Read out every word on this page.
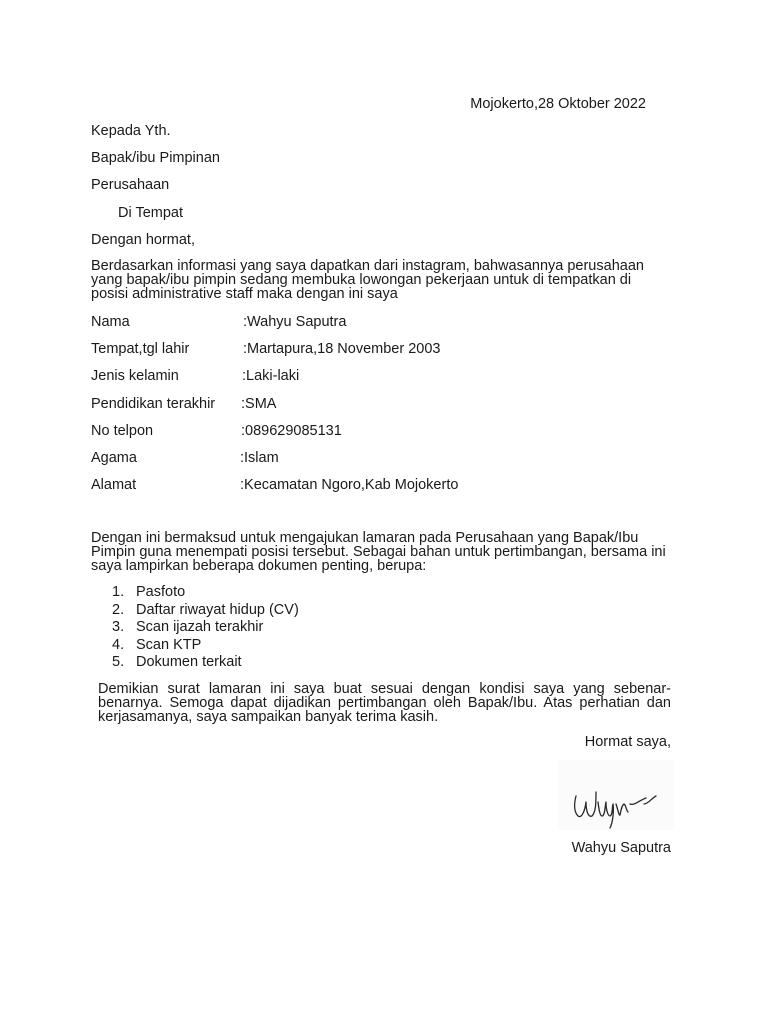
Mojokerto,28 Oktober 2022
Kepada Yth.
Bapak/ibu Pimpinan
Perusahaan
Di Tempat
Dengan hormat,
Berdasarkan informasi yang saya dapatkan dari instagram, bahwasannya perusahaan yang bapak/ibu pimpin sedang membuka lowongan pekerjaan untuk di tempatkan di posisi administrative staff maka dengan ini saya
Nama	:Wahyu Saputra
Tempat,tgl lahir	:Martapura,18 November 2003
Jenis kelamin	:Laki-laki
Pendidikan terakhir :SMA
No telpon	:089629085131
Agama	:Islam
Alamat	:Kecamatan Ngoro,Kab Mojokerto
Dengan ini bermaksud untuk mengajukan lamaran pada Perusahaan yang Bapak/Ibu Pimpin guna menempati posisi tersebut. Sebagai bahan untuk pertimbangan, bersama ini saya lampirkan beberapa dokumen penting, berupa:
1. Pasfoto
2. Daftar riwayat hidup (CV)
3. Scan ijazah terakhir
4. Scan KTP
5. Dokumen terkait
Demikian surat lamaran ini saya buat sesuai dengan kondisi saya yang sebenar-benarnya. Semoga dapat dijadikan pertimbangan oleh Bapak/Ibu. Atas perhatian dan kerjasamanya, saya sampaikan banyak terima kasih.
Hormat saya,
Wahyu Saputra
